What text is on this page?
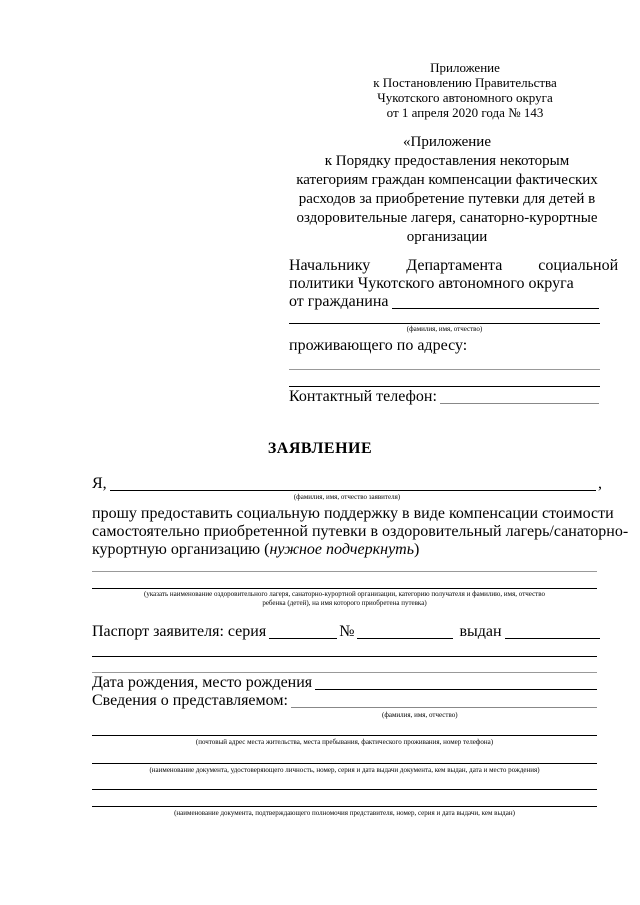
Приложение
к Постановлению Правительства
Чукотского автономного округа
от 1 апреля 2020 года № 143
«Приложение
к Порядку предоставления некоторым
категориям граждан компенсации фактических
расходов за приобретение путевки для детей в
оздоровительные лагеря, санаторно-курортные
организации
Начальнику         Департамента         социальной
политики Чукотского автономного округа
от гражданина
(фамилия, имя, отчество)
проживающего по адресу:
Контактный телефон:
ЗАЯВЛЕНИЕ
Я,	,
(фамилия, имя, отчество заявителя)
прошу предоставить социальную поддержку в виде компенсации стоимости
самостоятельно приобретенной путевки в оздоровительный лагерь/санаторно-
курортную организацию (нужное подчеркнуть)
(указать наименование оздоровительного лагеря, санаторно-курортной организации, категорию получателя и фамилию, имя, отчество
ребенка (детей), на имя которого приобретена путевка)
Паспорт заявителя: серия	№	выдан
Дата рождения, место рождения
Сведения о представляемом:
(фамилия, имя, отчество)
(почтовый адрес места жительства, места пребывания, фактического проживания, номер телефона)
(наименование документа, удостоверяющего личность, номер, серия и дата выдачи документа, кем выдан, дата и место рождения)
(наименование документа, подтверждающего полномочия представителя, номер, серия и дата выдачи, кем выдан)
